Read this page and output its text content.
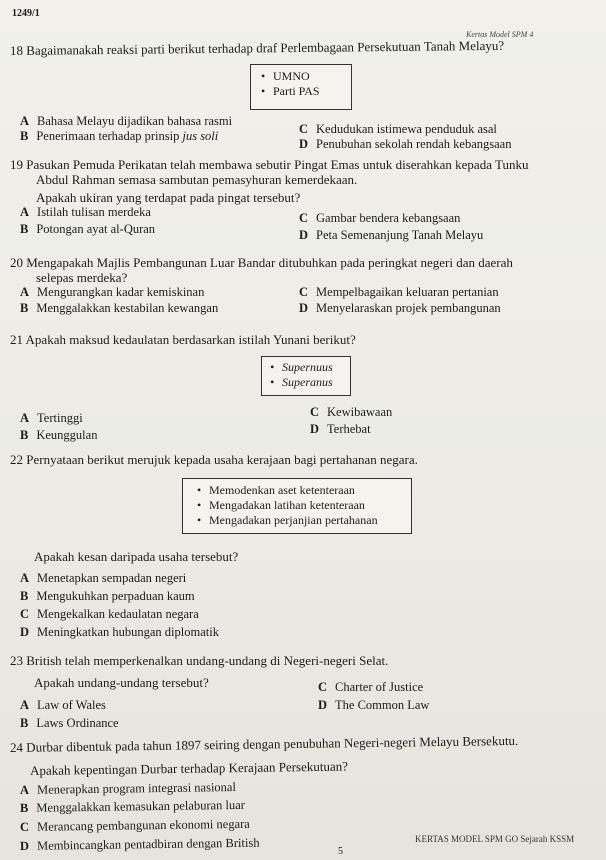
1249/1
Kertas Model SPM 4
18 Bagaimanakah reaksi parti berikut terhadap draf Perlembagaan Persekutuan Tanah Melayu?
• UMNO
• Parti PAS
A Bahasa Melayu dijadikan bahasa rasmi
B Penerimaan terhadap prinsip jus soli	C Kedudukan istimewa penduduk asal
D Penubuhan sekolah rendah kebangsaan
19 Pasukan Pemuda Perikatan telah membawa sebutir Pingat Emas untuk diserahkan kepada Tunku
Abdul Rahman semasa sambutan pemasyhuran kemerdekaan.
Apakah ukiran yang terdapat pada pingat tersebut?
A Istilah tulisan merdeka
B Potongan ayat al-Quran
C Gambar bendera kebangsaan
D Peta Semenanjung Tanah Melayu
20 Mengapakah Majlis Pembangunan Luar Bandar ditubuhkan pada peringkat negeri dan daerah
selepas merdeka?
A Mengurangkan kadar kemiskinan
B Menggalakkan kestabilan kewangan
C Mempelbagaikan keluaran pertanian
D Menyelaraskan projek pembangunan
21 Apakah maksud kedaulatan berdasarkan istilah Yunani berikut?
• Supernuus
• Superanus
A Tertinggi
B Keunggulan
C Kewibawaan
D Terhebat
22 Pernyataan berikut merujuk kepada usaha kerajaan bagi pertahanan negara.
• Memodenkan aset ketenteraan
• Mengadakan latihan ketenteraan
• Mengadakan perjanjian pertahanan
Apakah kesan daripada usaha tersebut?
A Menetapkan sempadan negeri
B Mengukuhkan perpaduan kaum
C Mengekalkan kedaulatan negara
D Meningkatkan hubungan diplomatik
23 British telah memperkenalkan undang-undang di Negeri-negeri Selat.
Apakah undang-undang tersebut?
A Law of Wales
B Laws Ordinance
C Charter of Justice
D The Common Law
24 Durbar dibentuk pada tahun 1897 seiring dengan penubuhan Negeri-negeri Melayu Bersekutu.
Apakah kepentingan Durbar terhadap Kerajaan Persekutuan?
A Menerapkan program integrasi nasional
B Menggalakkan kemasukan pelaburan luar
C Merancang pembangunan ekonomi negara
D Membincangkan pentadbiran dengan British	5
KERTAS MODEL SPM GO Sejarah KSSM
